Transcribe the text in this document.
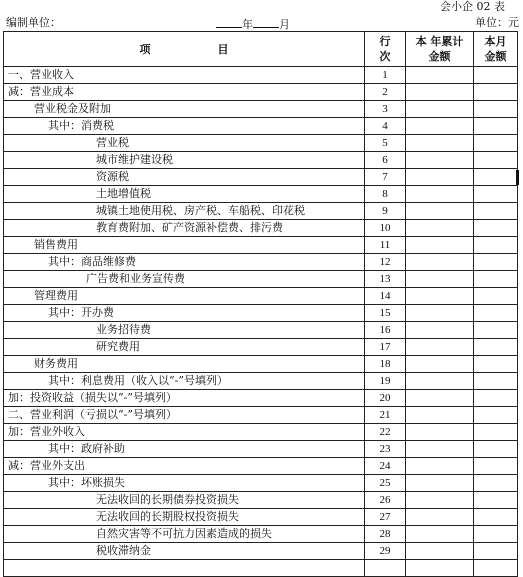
会小企 02 表
编制单位：	年 月	单位：元
项　目	行次	本 年累计金额	本月金额
一、营业收入	1		
减：营业成本	2		
营业税金及附加	3		
其中：消费税	4		
营业税	5		
城市维护建设税	6		
资源税	7		
土地增值税	8		
城镇土地使用税、房产税、车船税、印花税	9		
教育费附加、矿产资源补偿费、排污费	10		
销售费用	11		
其中：商品维修费	12		
广告费和业务宣传费	13		
管理费用	14		
其中：开办费	15		
业务招待费	16		
研究费用	17		
财务费用	18		
其中：利息费用（收入以“-”号填列）	19		
加：投资收益（损失以“-”号填列）	20		
二、营业利润（亏损以“-”号填列）	21		
加：营业外收入	22		
其中：政府补助	23		
减：营业外支出	24		
其中：坏账损失	25		
无法收回的长期债券投资损失	26		
无法收回的长期股权投资损失	27		
自然灾害等不可抗力因素造成的损失	28		
税收滞纳金	29		
